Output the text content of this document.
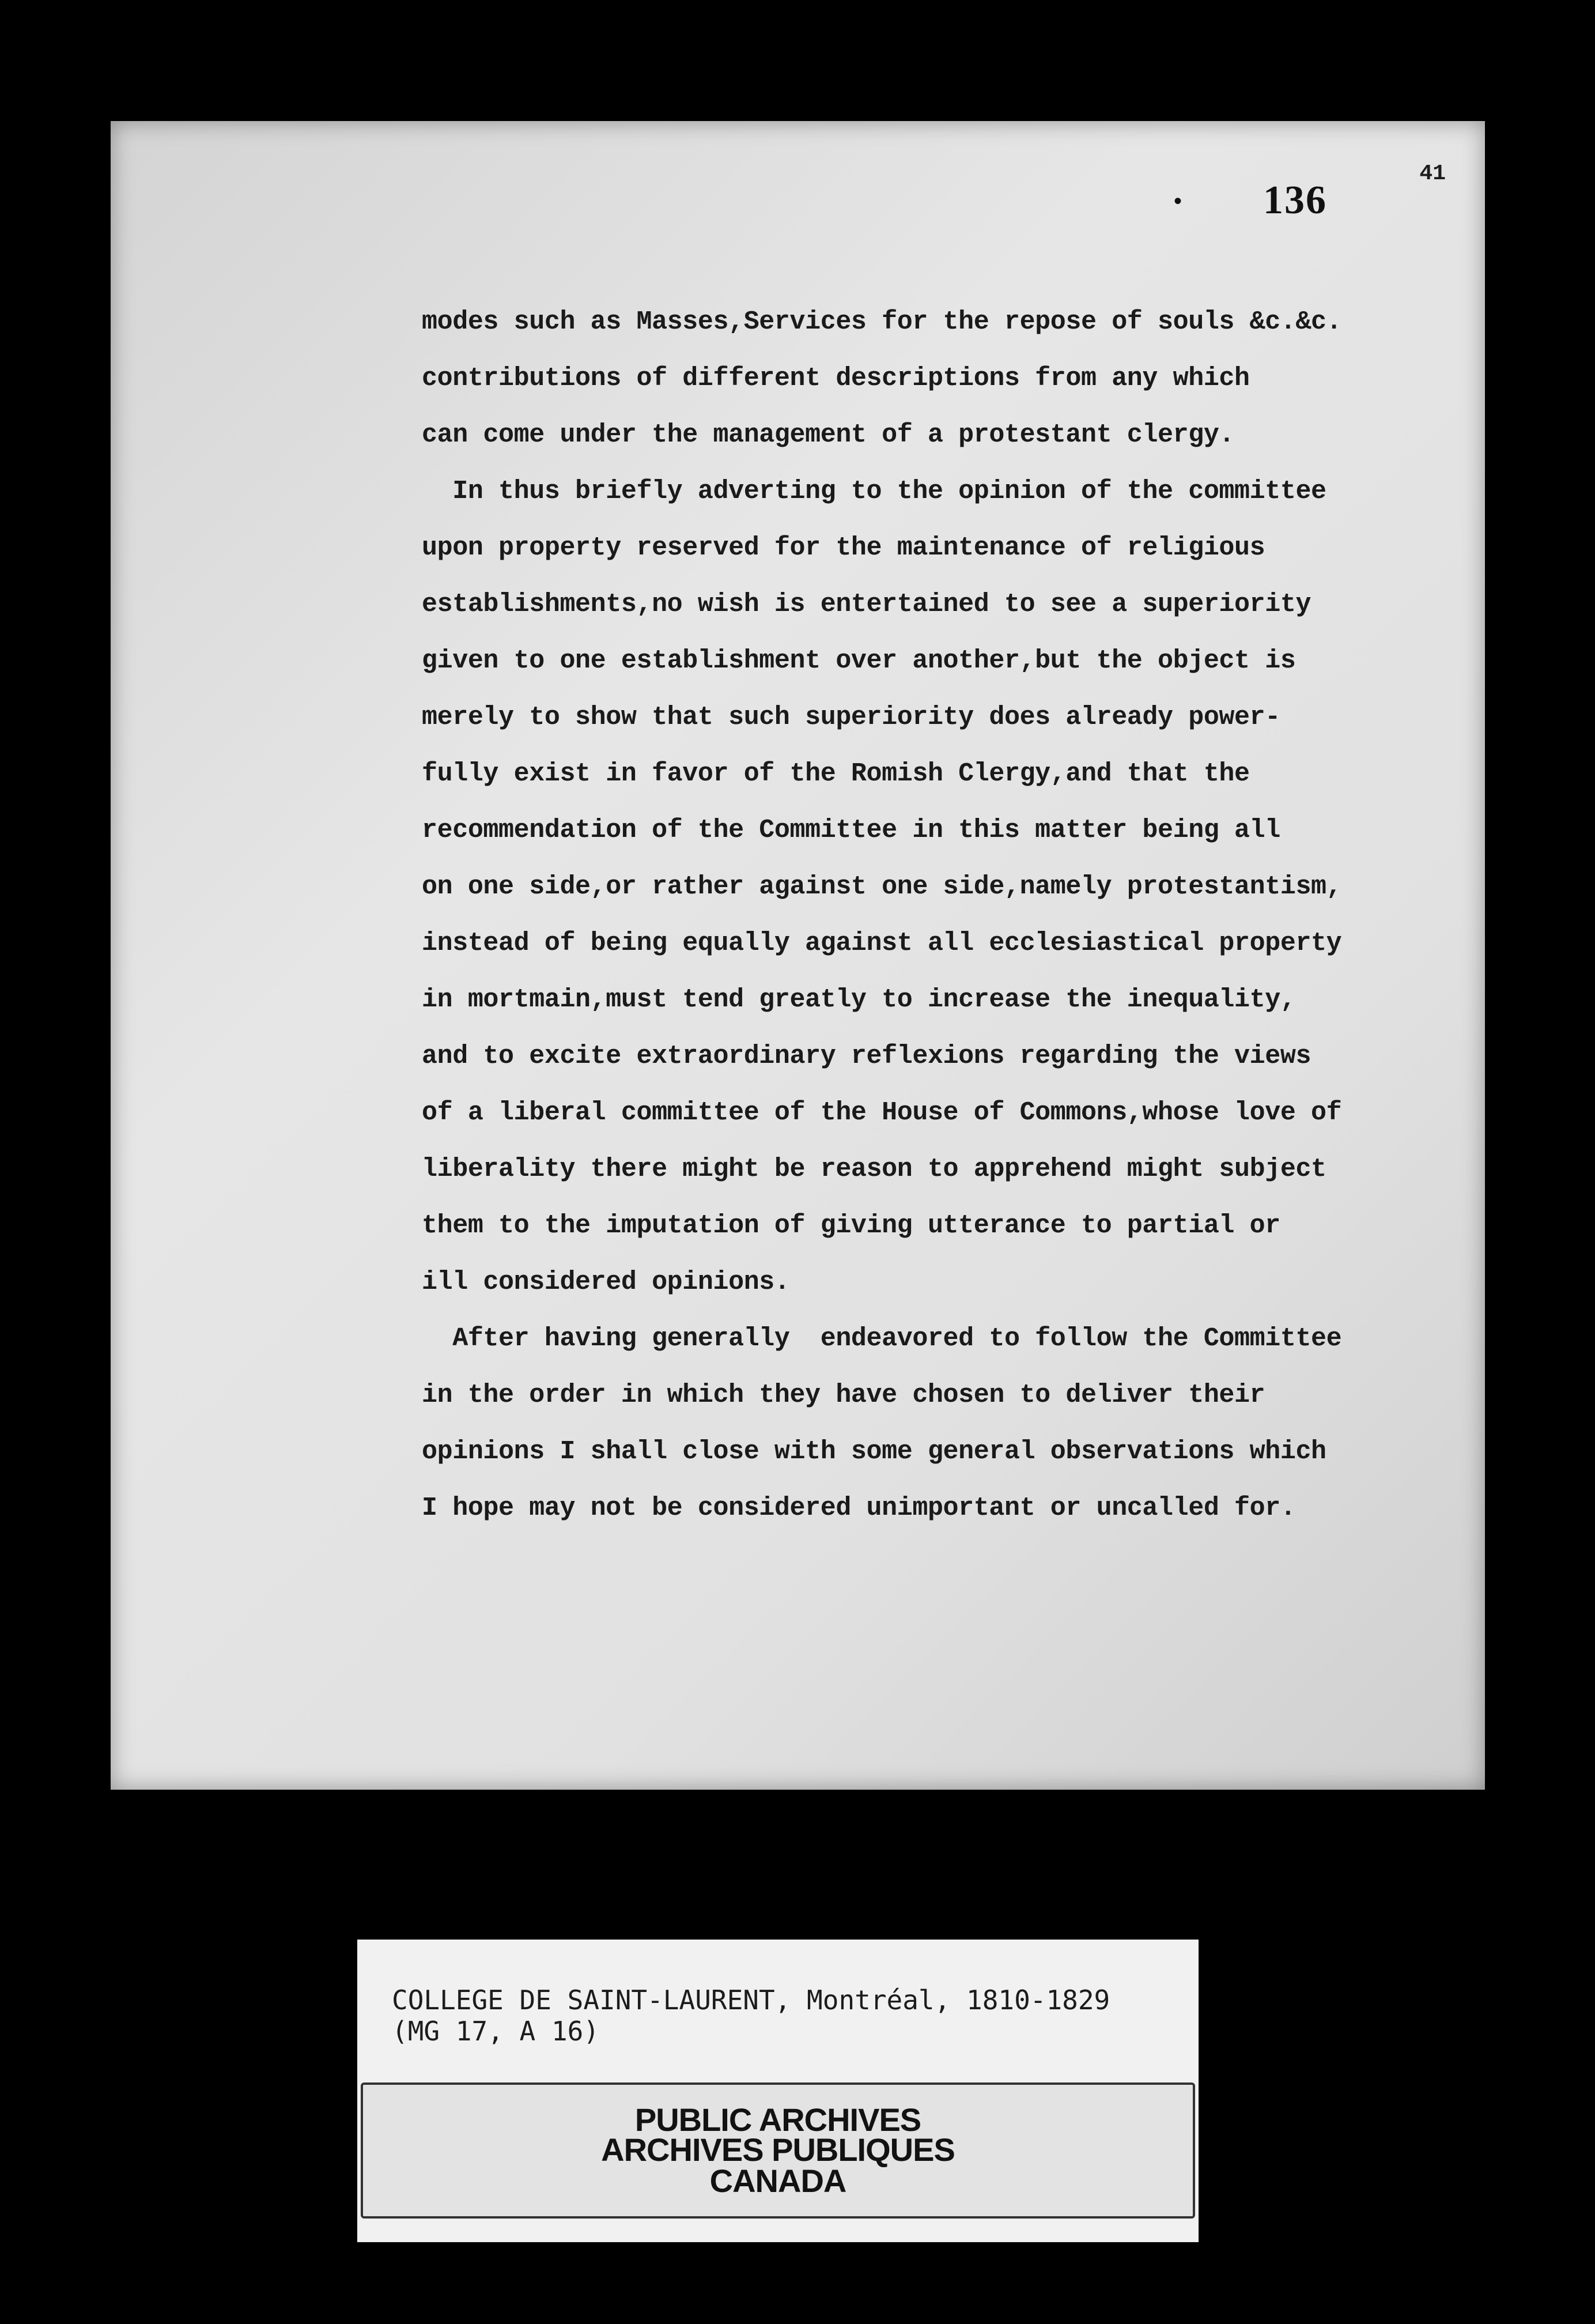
41
• 136
modes such as Masses,Services for the repose of souls &c.&c.
contributions of different descriptions from any which
can come under the management of a protestant clergy.
In thus briefly adverting to the opinion of the committee
upon property reserved for the maintenance of religious
establishments,no wish is entertained to see a superiority
given to one establishment over another,but the object is
merely to show that such superiority does already power-
fully exist in favor of the Romish Clergy,and that the
recommendation of the Committee in this matter being all
on one side,or rather against one side,namely protestantism,
instead of being equally against all ecclesiastical property
in mortmain,must tend greatly to increase the inequality,
and to excite extraordinary reflexions regarding the views
of a liberal committee of the House of Commons,whose love of
liberality there might be reason to apprehend might subject
them to the imputation of giving utterance to partial or
ill considered opinions.
After having generally  endeavored to follow the Committee
in the order in which they have chosen to deliver their
opinions I shall close with some general observations which
I hope may not be considered unimportant or uncalled for.
COLLEGE DE SAINT-LAURENT, Montréal, 1810-1829
(MG 17, A 16)
PUBLIC ARCHIVES
ARCHIVES PUBLIQUES
CANADA
